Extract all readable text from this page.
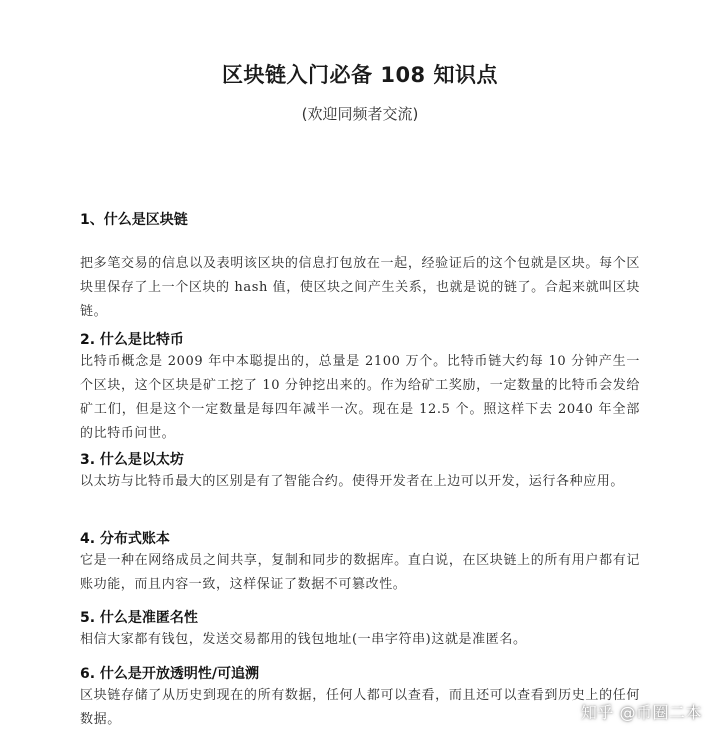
区块链入门必备 108 知识点

(欢迎同频者交流)

1、什么是区块链

把多笔交易的信息以及表明该区块的信息打包放在一起，经验证后的这个包就是区块。每个区块里保存了上一个区块的 hash 值，使区块之间产生关系，也就是说的链了。合起来就叫区块链。

2. 什么是比特币

比特币概念是 2009 年中本聪提出的，总量是 2100 万个。比特币链大约每 10 分钟产生一个区块，这个区块是矿工挖了 10 分钟挖出来的。作为给矿工奖励，一定数量的比特币会发给矿工们，但是这个一定数量是每四年减半一次。现在是 12.5 个。照这样下去 2040 年全部的比特币问世。

3. 什么是以太坊

以太坊与比特币最大的区别是有了智能合约。使得开发者在上边可以开发，运行各种应用。

4. 分布式账本

它是一种在网络成员之间共享，复制和同步的数据库。直白说，在区块链上的所有用户都有记账功能，而且内容一致，这样保证了数据不可篡改性。

5. 什么是准匿名性

相信大家都有钱包，发送交易都用的钱包地址(一串字符串)这就是准匿名。

6. 什么是开放透明性/可追溯

区块链存储了从历史到现在的所有数据，任何人都可以查看，而且还可以查看到历史上的任何数据。	知乎 @币圈二本
